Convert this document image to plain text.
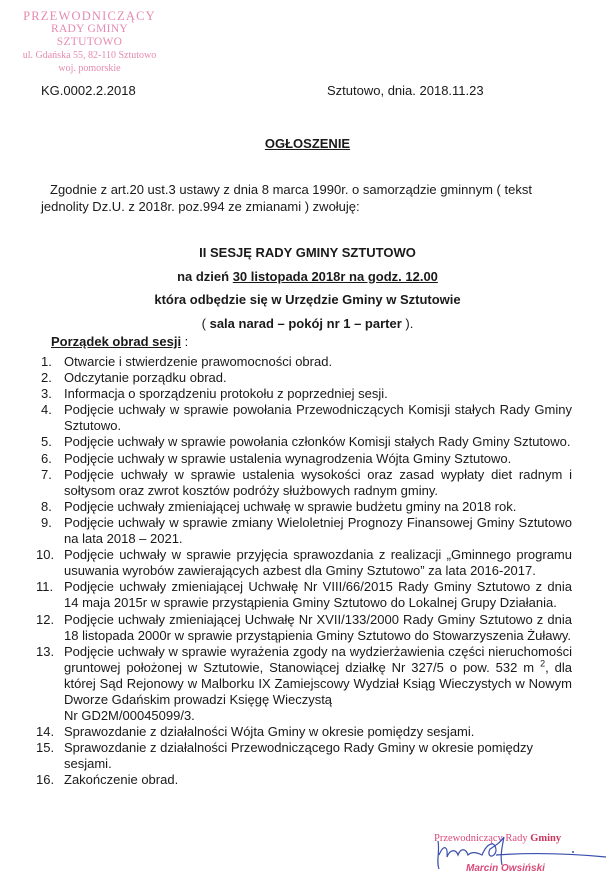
PRZEWODNICZĄCY
RADY GMINY SZTUTOWO
ul. Gdańska 55, 82-110 Sztutowo
woj. pomorskie
KG.0002.2.2018	Sztutowo, dnia. 2018.11.23
OGŁOSZENIE
Zgodnie z art.20 ust.3 ustawy z dnia 8 marca 1990r. o samorządzie gminnym ( tekst
jednolity Dz.U. z 2018r. poz.994 ze zmianami ) zwołuję:
II SESJĘ RADY GMINY SZTUTOWO
na dzień 30 listopada 2018r na godz. 12.00
która odbędzie się w Urzędzie Gminy w Sztutowie
( sala narad – pokój nr 1 – parter ).
Porządek obrad sesji :
1. Otwarcie i stwierdzenie prawomocności obrad.
2. Odczytanie porządku obrad.
3. Informacja o sporządzeniu protokołu z poprzedniej sesji.
4. Podjęcie uchwały w sprawie powołania Przewodniczących Komisji stałych Rady Gminy Sztutowo.
5. Podjęcie uchwały w sprawie powołania członków Komisji stałych Rady Gminy Sztutowo.
6. Podjęcie uchwały w sprawie ustalenia wynagrodzenia Wójta Gminy Sztutowo.
7. Podjęcie uchwały w sprawie ustalenia wysokości oraz zasad wypłaty diet radnym i sołtysom oraz zwrot kosztów podróży służbowych radnym gminy.
8. Podjęcie uchwały zmieniającej uchwałę w sprawie budżetu gminy na 2018 rok.
9. Podjęcie uchwały w sprawie zmiany Wieloletniej Prognozy Finansowej Gminy Sztutowo na lata 2018 – 2021.
10. Podjęcie uchwały w sprawie przyjęcia sprawozdania z realizacji „Gminnego programu usuwania wyrobów zawierających azbest dla Gminy Sztutowo” za lata 2016-2017.
11. Podjęcie uchwały zmieniającej Uchwałę Nr VIII/66/2015 Rady Gminy Sztutowo z dnia 14 maja 2015r w sprawie przystąpienia Gminy Sztutowo do Lokalnej Grupy Działania.
12. Podjęcie uchwały zmieniającej Uchwałę Nr XVII/133/2000 Rady Gminy Sztutowo z dnia 18 listopada 2000r w sprawie przystąpienia Gminy Sztutowo do Stowarzyszenia Żuławy.
13. Podjęcie uchwały w sprawie wyrażenia zgody na wydzierżawienia części nieruchomości gruntowej położonej w Sztutowie, Stanowiącej działkę Nr 327/5 o pow. 532 m $^2$, dla której Sąd Rejonowy w Malborku IX Zamiejscowy Wydział Ksiąg Wieczystych w Nowym Dworze Gdańskim prowadzi Księgę Wieczystą
Nr GD2M/00045099/3.
14. Sprawozdanie z działalności Wójta Gminy w okresie pomiędzy sesjami.
15. Sprawozdanie z działalności Przewodniczącego Rady Gminy w okresie pomiędzy sesjami.
16. Zakończenie obrad.
Przewodniczący Rady Gminy
Marcin Owsiński
